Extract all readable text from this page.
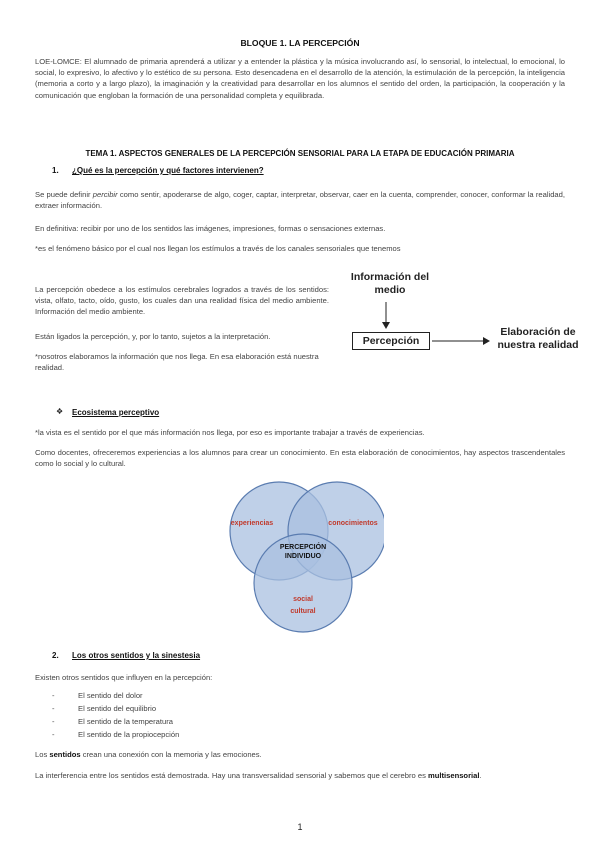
BLOQUE 1. LA PERCEPCIÓN
LOE-LOMCE: El alumnado de primaria aprenderá a utilizar y a entender la plástica y la música involucrando así, lo sensorial, lo intelectual, lo emocional, lo social, lo expresivo, lo afectivo y lo estético de su persona. Esto desencadena en el desarrollo de la atención, la estimulación de la percepción, la inteligencia (memoria a corto y a largo plazo), la imaginación y la creatividad para desarrollar en los alumnos el sentido del orden, la participación, la cooperación y la comunicación que engloban la formación de una personalidad completa y equilibrada.
TEMA 1. ASPECTOS GENERALES DE LA PERCEPCIÓN SENSORIAL PARA LA ETAPA DE EDUCACIÓN PRIMARIA
1. ¿Qué es la percepción y qué factores intervienen?
Se puede definir percibir como sentir, apoderarse de algo, coger, captar, interpretar, observar, caer en la cuenta, comprender, conocer, conformar la realidad, extraer información.
En definitiva: recibir por uno de los sentidos las imágenes, impresiones, formas o sensaciones externas.
*es el fenómeno básico por el cual nos llegan los estímulos a través de los canales sensoriales que tenemos
La percepción obedece a los estímulos cerebrales logrados a través de los sentidos: vista, olfato, tacto, oído, gusto, los cuales dan una realidad física del medio ambiente. Información del medio ambiente.
Están ligados la percepción, y, por lo tanto, sujetos a la interpretación.
*nosotros elaboramos la información que nos llega. En esa elaboración está nuestra realidad.
Información del medio
Percepción
Elaboración de nuestra realidad
❖ Ecosistema perceptivo
*la vista es el sentido por el que más información nos llega, por eso es importante trabajar a través de experiencias.
Como docentes, ofreceremos experiencias a los alumnos para crear un conocimiento. En esta elaboración de conocimientos, hay aspectos trascendentales como lo social y lo cultural.
experiencias	conocimientos
PERCEPCIÓN INDIVIDUO
social cultural
2. Los otros sentidos y la sinestesia
Existen otros sentidos que influyen en la percepción:
-	El sentido del dolor
-	El sentido del equilibrio
-	El sentido de la temperatura
-	El sentido de la propiocepción
Los sentidos crean una conexión con la memoria y las emociones.
La interferencia entre los sentidos está demostrada. Hay una transversalidad sensorial y sabemos que el cerebro es multisensorial.
1
